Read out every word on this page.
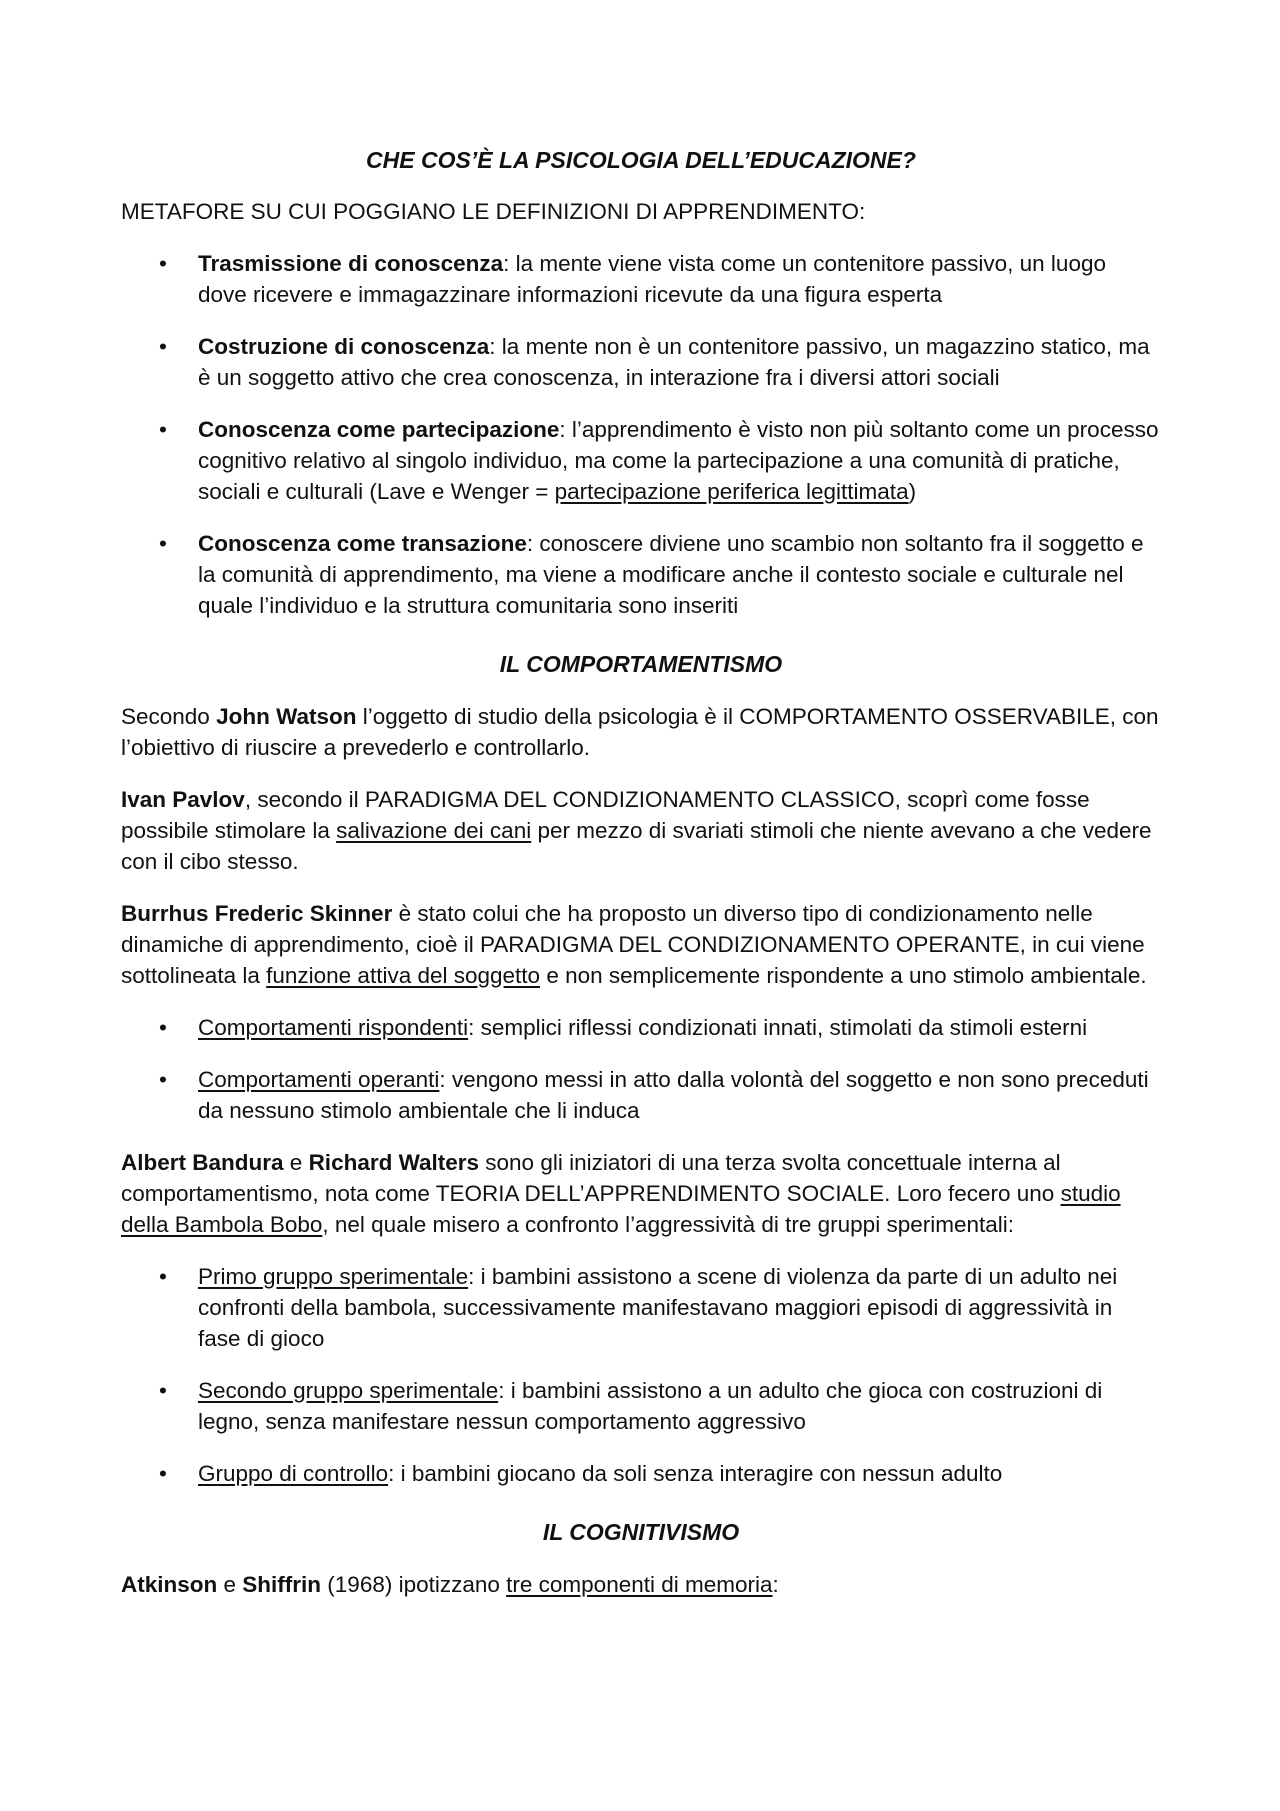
CHE COS’È LA PSICOLOGIA DELL’EDUCAZIONE?

METAFORE SU CUI POGGIANO LE DEFINIZIONI DI APPRENDIMENTO:

• Trasmissione di conoscenza: la mente viene vista come un contenitore passivo, un luogo dove ricevere e immagazzinare informazioni ricevute da una figura esperta
• Costruzione di conoscenza: la mente non è un contenitore passivo, un magazzino statico, ma è un soggetto attivo che crea conoscenza, in interazione fra i diversi attori sociali
• Conoscenza come partecipazione: l’apprendimento è visto non più soltanto come un processo cognitivo relativo al singolo individuo, ma come la partecipazione a una comunità di pratiche, sociali e culturali (Lave e Wenger = partecipazione periferica legittimata)
• Conoscenza come transazione: conoscere diviene uno scambio non soltanto fra il soggetto e la comunità di apprendimento, ma viene a modificare anche il contesto sociale e culturale nel quale l’individuo e la struttura comunitaria sono inseriti
IL COMPORTAMENTISMO

Secondo John Watson l’oggetto di studio della psicologia è il COMPORTAMENTO OSSERVABILE, con l’obiettivo di riuscire a prevederlo e controllarlo.

Ivan Pavlov, secondo il PARADIGMA DEL CONDIZIONAMENTO CLASSICO, scoprì come fosse possibile stimolare la salivazione dei cani per mezzo di svariati stimoli che niente avevano a che vedere con il cibo stesso.

Burrhus Frederic Skinner è stato colui che ha proposto un diverso tipo di condizionamento nelle dinamiche di apprendimento, cioè il PARADIGMA DEL CONDIZIONAMENTO OPERANTE, in cui viene sottolineata la funzione attiva del soggetto e non semplicemente rispondente a uno stimolo ambientale.

• Comportamenti rispondenti: semplici riflessi condizionati innati, stimolati da stimoli esterni
• Comportamenti operanti: vengono messi in atto dalla volontà del soggetto e non sono preceduti da nessuno stimolo ambientale che li induca

Albert Bandura e Richard Walters sono gli iniziatori di una terza svolta concettuale interna al comportamentismo, nota come TEORIA DELL’APPRENDIMENTO SOCIALE. Loro fecero uno studio della Bambola Bobo, nel quale misero a confronto l’aggressività di tre gruppi sperimentali:

• Primo gruppo sperimentale: i bambini assistono a scene di violenza da parte di un adulto nei confronti della bambola, successivamente manifestavano maggiori episodi di aggressività in fase di gioco
• Secondo gruppo sperimentale: i bambini assistono a un adulto che gioca con costruzioni di legno, senza manifestare nessun comportamento aggressivo
• Gruppo di controllo: i bambini giocano da soli senza interagire con nessun adulto
IL COGNITIVISMO

Atkinson e Shiffrin (1968) ipotizzano tre componenti di memoria:
